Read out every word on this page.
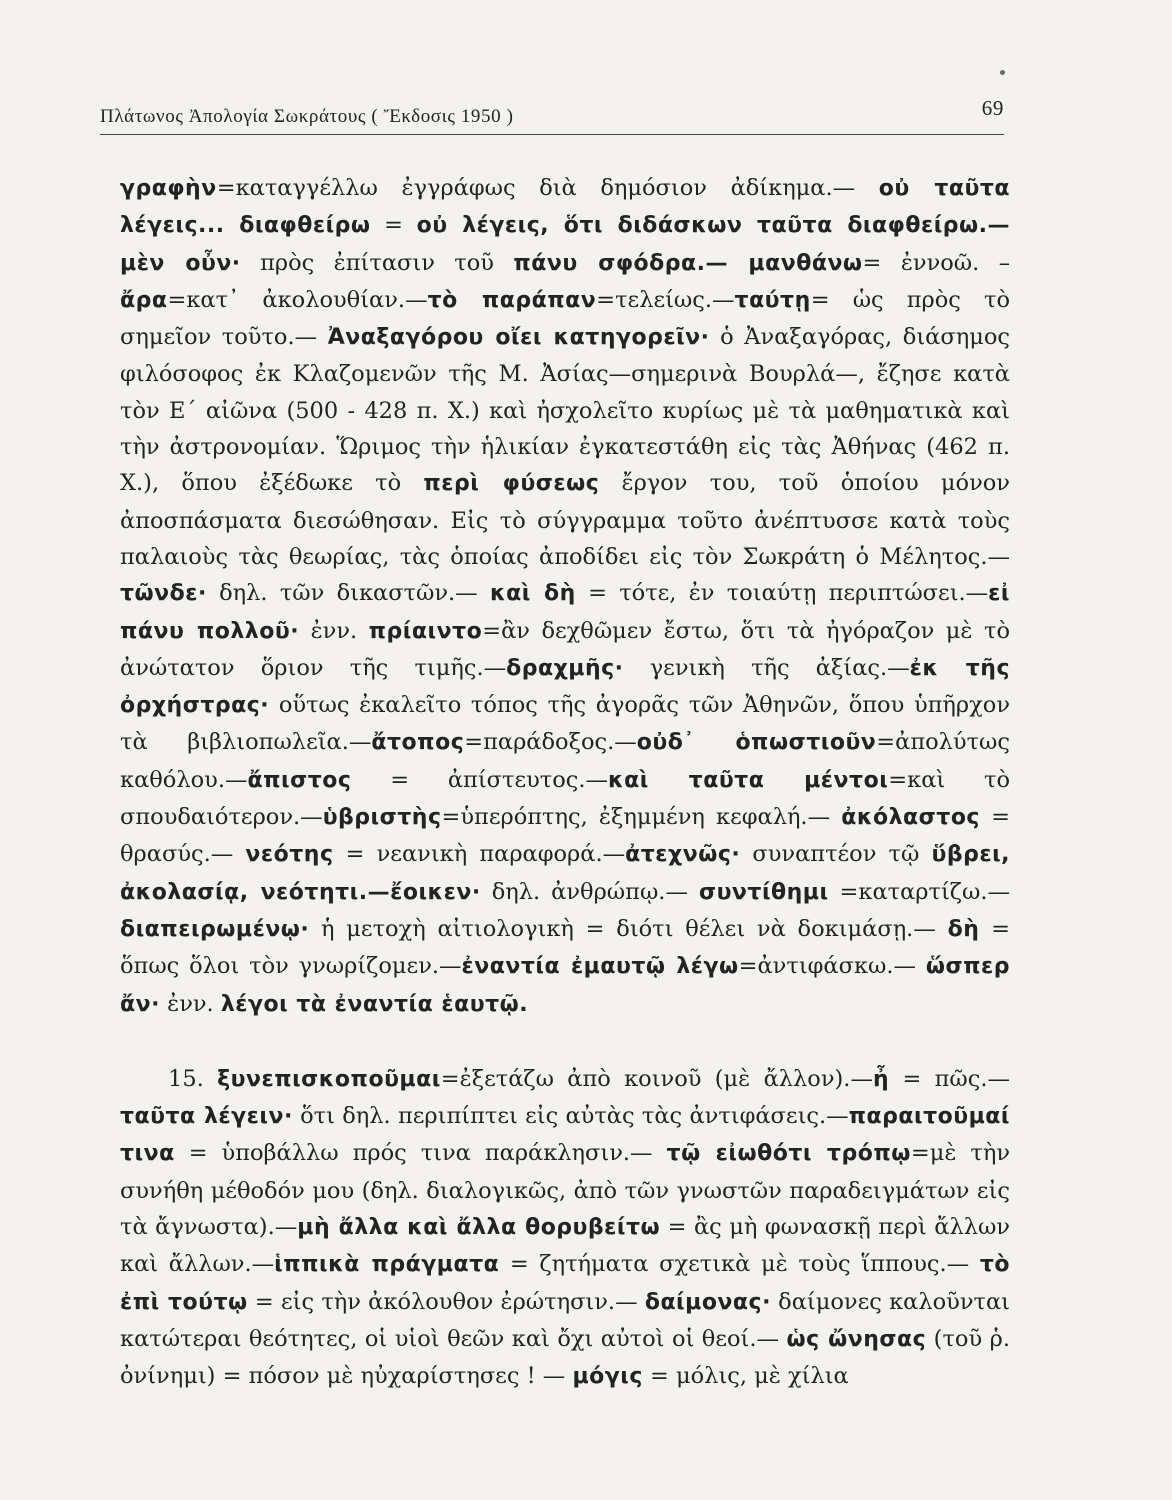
Πλάτωνος Ἀπολογία Σωκράτους ( Ἔκδοσις 1950 )	69

γραφὴν=καταγγέλλω ἐγγράφως διὰ δημόσιον ἀδίκημα.— οὐ ταῦτα λέγεις... διαφθείρω = οὐ λέγεις, ὅτι διδάσκων ταῦτα διαφθείρω.— μὲν οὖν· πρὸς ἐπίτασιν τοῦ πάνυ σφόδρα.— μανθάνω= ἐννοῶ. – ἄρα=κατ᾽ ἀκολουθίαν.—τὸ παράπαν=τελείως.—ταύτῃ= ὡς πρὸς τὸ σημεῖον τοῦτο.— Ἀναξαγόρου οἴει κατηγορεῖν· ὁ Ἀναξαγόρας, διάσημος φιλόσοφος ἐκ Κλαζομενῶν τῆς Μ. Ἀσίας—σημερινὰ Βουρλά—, ἔζησε κατὰ τὸν Ε΄ αἰῶνα (500 - 428 π. Χ.) καὶ ἠσχολεῖτο κυρίως μὲ τὰ μαθηματικὰ καὶ τὴν ἀστρονομίαν. Ὥριμος τὴν ἡλικίαν ἐγκατεστάθη εἰς τὰς Ἀθήνας (462 π. Χ.), ὅπου ἐξέδωκε τὸ περὶ φύσεως ἔργον του, τοῦ ὁποίου μόνον ἀποσπάσματα διεσώθησαν. Εἰς τὸ σύγγραμμα τοῦτο ἀνέπτυσσε κατὰ τοὺς παλαιοὺς τὰς θεωρίας, τὰς ὁποίας ἀποδίδει εἰς τὸν Σωκράτη ὁ Μέλητος.— τῶνδε· δηλ. τῶν δικαστῶν.— καὶ δὴ = τότε, ἐν τοιαύτῃ περιπτώσει.—εἰ πάνυ πολλοῦ· ἐνν. πρίαιντο=ἂν δεχθῶμεν ἔστω, ὅτι τὰ ἠγόραζον μὲ τὸ ἀνώτατον ὅριον τῆς τιμῆς.—δραχμῆς· γενικὴ τῆς ἀξίας.—ἐκ τῆς ὀρχήστρας· οὕτως ἐκαλεῖτο τόπος τῆς ἀγορᾶς τῶν Ἀθηνῶν, ὅπου ὑπῆρχον τὰ βιβλιοπωλεῖα.—ἄτοπος=παράδοξος.—οὐδ᾽ ὁπωστιοῦν=ἀπολύτως καθόλου.—ἄπιστος = ἀπίστευτος.—καὶ ταῦτα μέντοι=καὶ τὸ σπουδαιότερον.—ὑβριστὴς=ὑπερόπτης, ἐξημμένη κεφαλή.— ἀκόλαστος = θρασύς.— νεότης = νεανικὴ παραφορά.—ἀτεχνῶς· συναπτέον τῷ ὕβρει, ἀκολασίᾳ, νεότητι.—ἔοικεν· δηλ. ἀνθρώπῳ.— συντίθημι =καταρτίζω.—διαπειρωμένῳ· ἡ μετοχὴ αἰτιολογικὴ = διότι θέλει νὰ δοκιμάσῃ.— δὴ = ὅπως ὅλοι τὸν γνωρίζομεν.—ἐναντία ἐμαυτῷ λέγω=ἀντιφάσκω.— ὥσπερ ἄν· ἐνν. λέγοι τὰ ἐναντία ἑαυτῷ.

15. ξυνεπισκοποῦμαι=ἐξετάζω ἀπὸ κοινοῦ (μὲ ἄλλον).—ἦ = πῶς.— ταῦτα λέγειν· ὅτι δηλ. περιπίπτει εἰς αὐτὰς τὰς ἀντιφάσεις.—παραιτοῦμαί τινα = ὑποβάλλω πρός τινα παράκλησιν.— τῷ εἰωθότι τρόπῳ=μὲ τὴν συνήθη μέθοδόν μου (δηλ. διαλογικῶς, ἀπὸ τῶν γνωστῶν παραδειγμάτων εἰς τὰ ἄγνωστα).—μὴ ἄλλα καὶ ἄλλα θορυβείτω = ἂς μὴ φωνασκῇ περὶ ἄλλων καὶ ἄλλων.—ἱππικὰ πράγματα = ζητήματα σχετικὰ μὲ τοὺς ἵππους.— τὸ ἐπὶ τούτῳ = εἰς τὴν ἀκόλουθον ἐρώτησιν.— δαίμονας· δαίμονες καλοῦνται κατώτεραι θεότητες, οἱ υἱοὶ θεῶν καὶ ὄχι αὐτοὶ οἱ θεοί.— ὡς ὤνησας (τοῦ ῥ. ὀνίνημι) = πόσον μὲ ηὐχαρίστησες ! — μόγις = μόλις, μὲ χίλια
